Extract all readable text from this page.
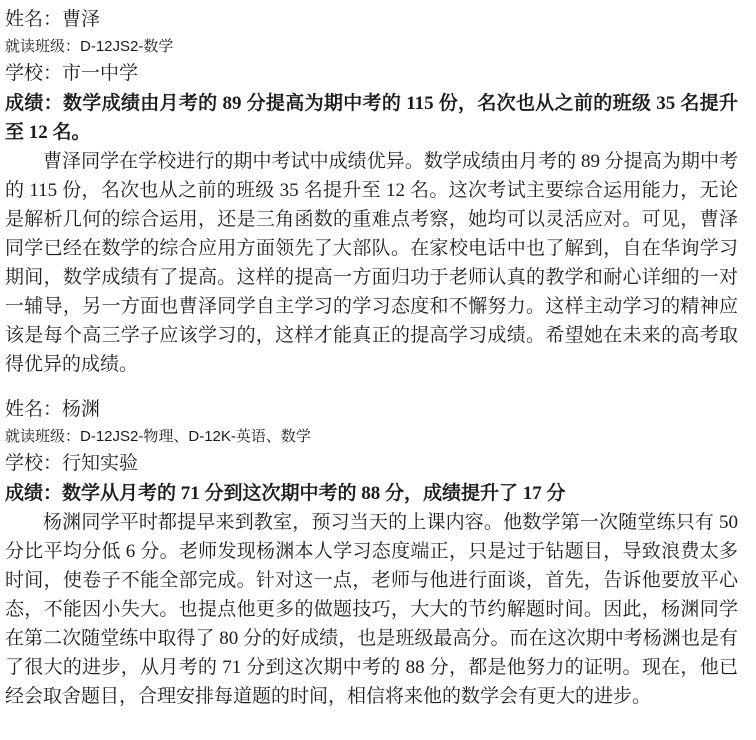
姓名：曹泽
就读班级：D-12JS2-数学
学校：市一中学
成绩：数学成绩由月考的 89 分提高为期中考的 115 份，名次也从之前的班级 35 名提升至 12 名。

曹泽同学在学校进行的期中考试中成绩优异。数学成绩由月考的 89 分提高为期中考的 115 份，名次也从之前的班级 35 名提升至 12 名。这次考试主要综合运用能力，无论是解析几何的综合运用，还是三角函数的重难点考察，她均可以灵活应对。可见，曹泽同学已经在数学的综合应用方面领先了大部队。在家校电话中也了解到，自在华询学习期间，数学成绩有了提高。这样的提高一方面归功于老师认真的教学和耐心详细的一对一辅导，另一方面也曹泽同学自主学习的学习态度和不懈努力。这样主动学习的精神应该是每个高三学子应该学习的，这样才能真正的提高学习成绩。希望她在未来的高考取得优异的成绩。

姓名：杨渊
就读班级：D-12JS2-物理、D-12K-英语、数学
学校：行知实验
成绩：数学从月考的 71 分到这次期中考的 88 分，成绩提升了 17 分

杨渊同学平时都提早来到教室，预习当天的上课内容。他数学第一次随堂练只有 50 分比平均分低 6 分。老师发现杨渊本人学习态度端正，只是过于钻题目，导致浪费太多时间，使卷子不能全部完成。针对这一点，老师与他进行面谈，首先，告诉他要放平心态，不能因小失大。也提点他更多的做题技巧，大大的节约解题时间。因此，杨渊同学在第二次随堂练中取得了 80 分的好成绩，也是班级最高分。而在这次期中考杨渊也是有了很大的进步，从月考的 71 分到这次期中考的 88 分，都是他努力的证明。现在，他已经会取舍题目，合理安排每道题的时间，相信将来他的数学会有更大的进步。
